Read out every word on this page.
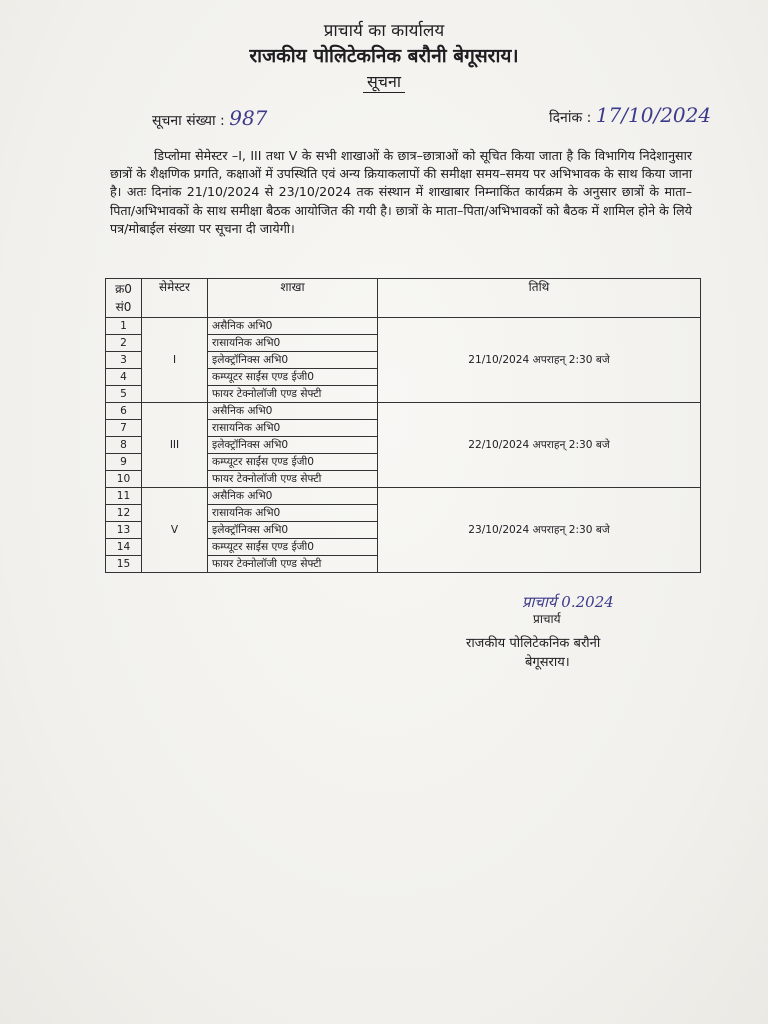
प्राचार्य का कार्यालय
राजकीय पोलिटेकनिक बरौनी बेगूसराय।
सूचना
सूचना संख्या : 987	दिनांक : 17/10/2024
डिप्लोमा सेमेस्टर –I, III तथा V के सभी शाखाओं के छात्र–छात्राओं को सूचित किया जाता है कि विभागिय निदेशानुसार छात्रों के शैक्षणिक प्रगति, कक्षाओं में उपस्थिति एवं अन्य क्रियाकलापों की समीक्षा समय–समय पर अभिभावक के साथ किया जाना है। अतः दिनांक 21/10/2024 से 23/10/2024 तक संस्थान में शाखाबार निम्नाकिंत कार्यक्रम के अनुसार छात्रों के माता–पिता/अभिभावकों के साथ समीक्षा बैठक आयोजित की गयी है। छात्रों के माता–पिता/अभिभावकों को बैठक में शामिल होने के लिये पत्र/मोबाईल संख्या पर सूचना दी जायेगी।
क्र0 सं0	सेमेस्टर	शाखा	तिथि
1	I	असैनिक अभि0	21/10/2024 अपराहन् 2:30 बजे
2		रासायनिक अभि0	
3		इलेक्ट्रॉनिक्स अभि0	
4		कम्प्यूटर साईंस एण्ड ईजी0	
5		फायर टेक्नोलॉजी एण्ड सेफ्टी	
6	III	असैनिक अभि0	22/10/2024 अपराहन् 2:30 बजे
7		रासायनिक अभि0	
8		इलेक्ट्रॉनिक्स अभि0	
9		कम्प्यूटर साईंस एण्ड ईजी0	
10		फायर टेक्नोलॉजी एण्ड सेफ्टी	
11	V	असैनिक अभि0	23/10/2024 अपराहन् 2:30 बजे
12		रासायनिक अभि0	
13		इलेक्ट्रॉनिक्स अभि0	
14		कम्प्यूटर साईंस एण्ड ईजी0	
15		फायर टेक्नोलॉजी एण्ड सेफ्टी	
प्राचार्य 0.2024
प्राचार्य
राजकीय पोलिटेकनिक बरौनी
बेगूसराय।
